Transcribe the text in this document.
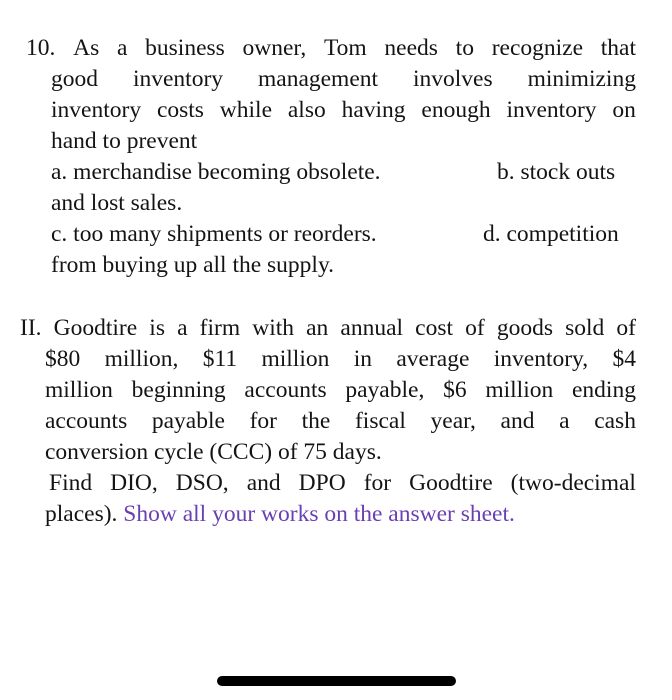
10. As a business owner, Tom needs to recognize that
good inventory management involves minimizing
inventory costs while also having enough inventory on
hand to prevent
a. merchandise becoming obsolete.	b. stock outs
and lost sales.
c. too many shipments or reorders.	d. competition
from buying up all the supply.
II. Goodtire is a firm with an annual cost of goods sold of
$80 million, $11 million in average inventory, $4
million beginning accounts payable, $6 million ending
accounts payable for the fiscal year, and a cash
conversion cycle (CCC) of 75 days.
Find DIO, DSO, and DPO for Goodtire (two-decimal
places). Show all your works on the answer sheet.
